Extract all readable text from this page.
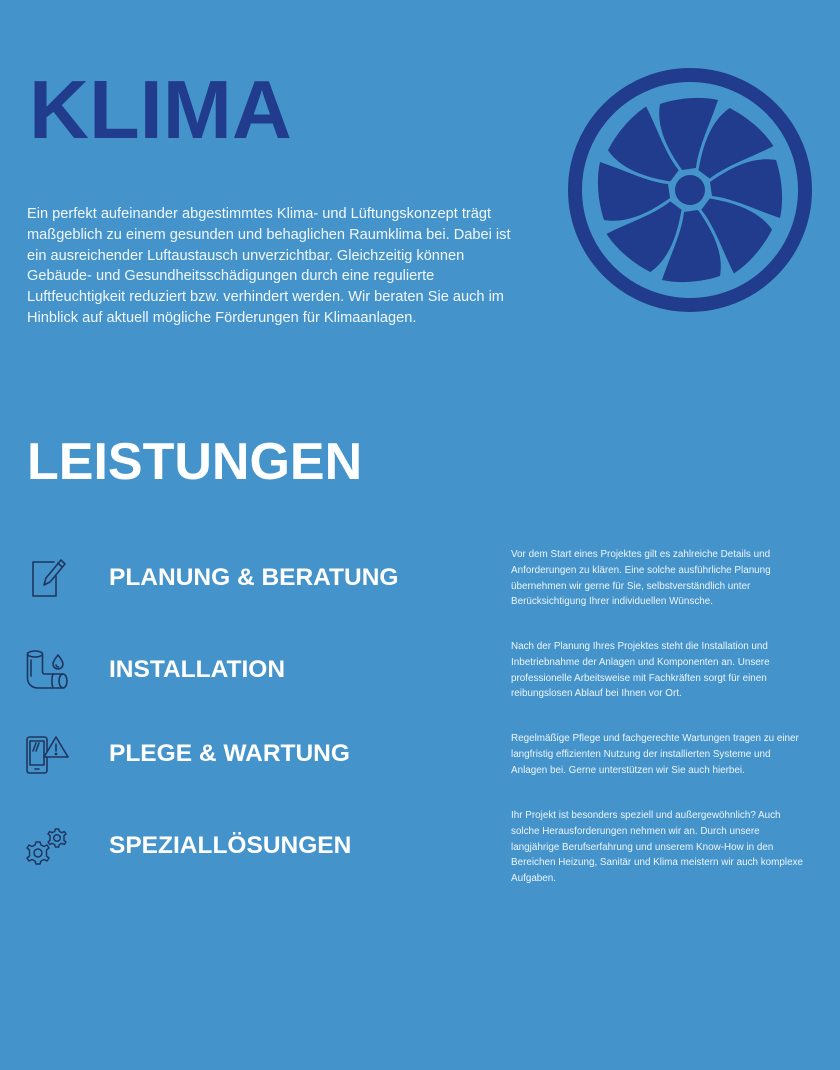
KLIMA
Ein perfekt aufeinander abgestimmtes Klima- und Lüftungskonzept trägt
maßgeblich zu einem gesunden und behaglichen Raumklima bei. Dabei ist
ein ausreichender Luftaustausch unverzichtbar. Gleichzeitig können
Gebäude- und Gesundheitsschädigungen durch eine regulierte
Luftfeuchtigkeit reduziert bzw. verhindert werden. Wir beraten Sie auch im
Hinblick auf aktuell mögliche Förderungen für Klimaanlagen.
LEISTUNGEN
PLANUNG & BERATUNG
Vor dem Start eines Projektes gilt es zahlreiche Details und
Anforderungen zu klären. Eine solche ausführliche Planung
übernehmen wir gerne für Sie, selbstverständlich unter
Berücksichtigung Ihrer individuellen Wünsche.
INSTALLATION
Nach der Planung Ihres Projektes steht die Installation und
Inbetriebnahme der Anlagen und Komponenten an. Unsere
professionelle Arbeitsweise mit Fachkräften sorgt für einen
reibungslosen Ablauf bei Ihnen vor Ort.
PLEGE & WARTUNG
Regelmäßige Pflege und fachgerechte Wartungen tragen zu einer
langfristig effizienten Nutzung der installierten Systeme und
Anlagen bei. Gerne unterstützen wir Sie auch hierbei.
SPEZIALLÖSUNGEN
Ihr Projekt ist besonders speziell und außergewöhnlich? Auch
solche Herausforderungen nehmen wir an. Durch unsere
langjährige Berufserfahrung und unserem Know-How in den
Bereichen Heizung, Sanitär und Klima meistern wir auch komplexe
Aufgaben.
